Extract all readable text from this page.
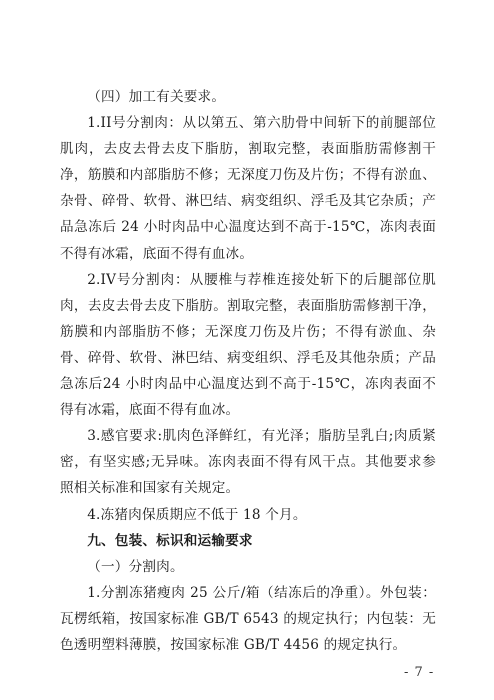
（四）加工有关要求。

1.II号分割肉：从以第五、第六肋骨中间斩下的前腿部位肌肉，去皮去骨去皮下脂肪，割取完整，表面脂肪需修割干净，筋膜和内部脂肪不修；无深度刀伤及片伤；不得有淤血、杂骨、碎骨、软骨、淋巴结、病变组织、浮毛及其它杂质；产品急冻后 24 小时肉品中心温度达到不高于-15℃，冻肉表面不得有冰霜，底面不得有血冰。

2.IV号分割肉：从腰椎与荐椎连接处斩下的后腿部位肌肉，去皮去骨去皮下脂肪。割取完整，表面脂肪需修割干净，筋膜和内部脂肪不修；无深度刀伤及片伤；不得有淤血、杂骨、碎骨、软骨、淋巴结、病变组织、浮毛及其他杂质；产品急冻后24 小时肉品中心温度达到不高于-15℃，冻肉表面不得有冰霜，底面不得有血冰。

3.感官要求:肌肉色泽鲜红，有光泽；脂肪呈乳白;肉质紧密，有坚实感;无异味。冻肉表面不得有风干点。其他要求参照相关标准和国家有关规定。

4.冻猪肉保质期应不低于 18 个月。

九、包装、标识和运输要求

（一）分割肉。

1.分割冻猪瘦肉 25 公斤/箱（结冻后的净重）。外包装：瓦楞纸箱，按国家标准 GB/T 6543 的规定执行；内包装：无色透明塑料薄膜，按国家标准 GB/T 4456 的规定执行。

- 7 -
